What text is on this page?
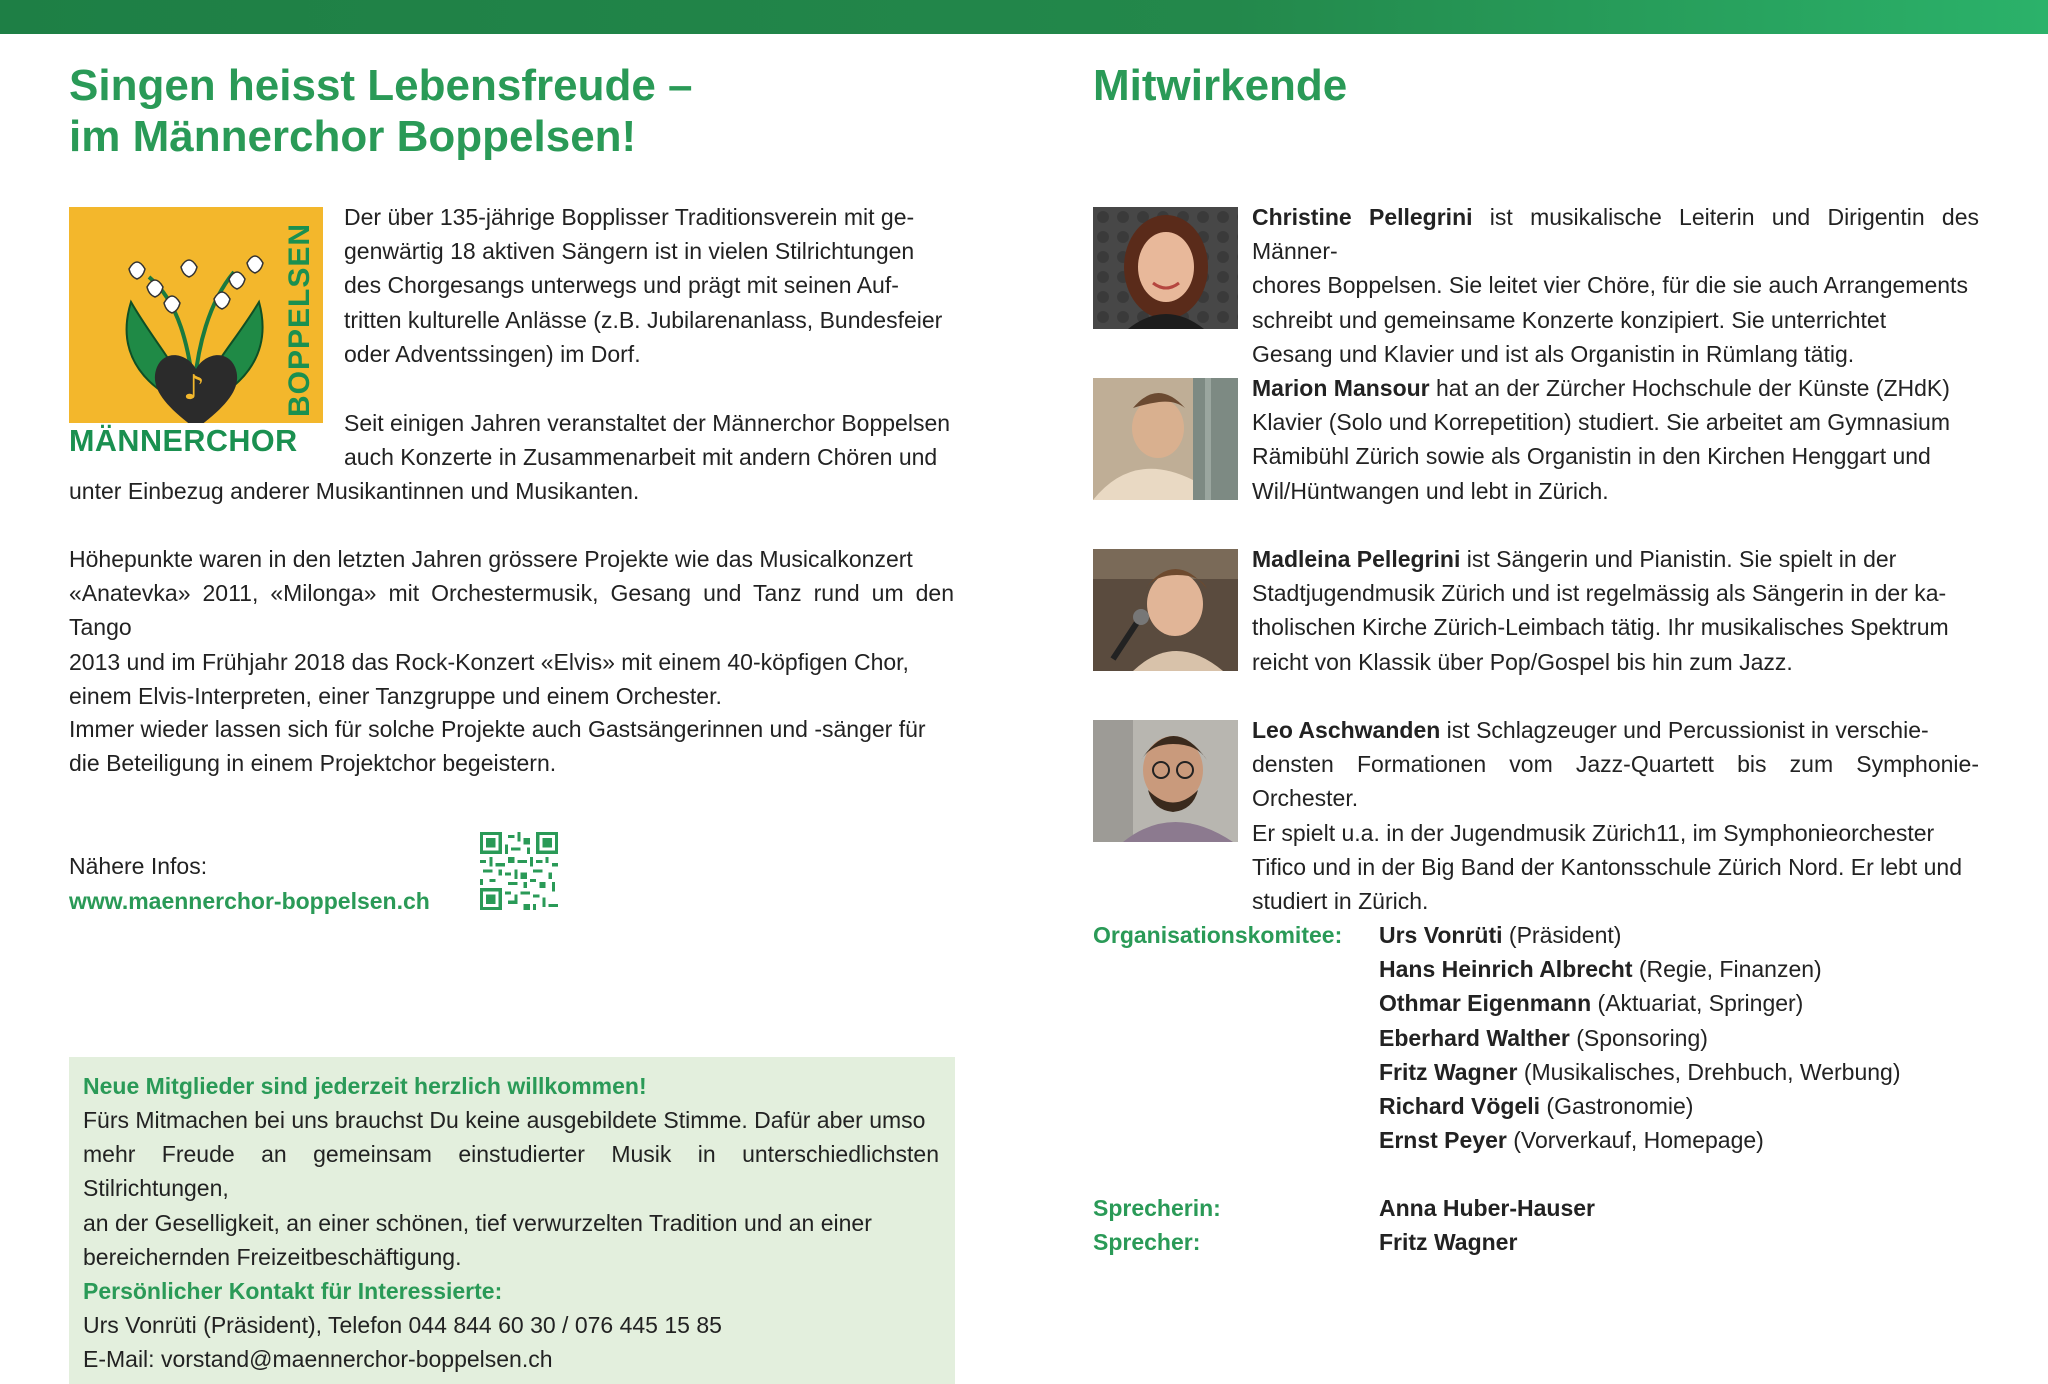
Singen heisst Lebensfreude –
im Männerchor Boppelsen!
♪
MÄNNERCHOR
BOPPELSEN
Der über 135-jährige Bopplisser Traditionsverein mit ge-
genwärtig 18 aktiven Sängern ist in vielen Stilrichtungen
des Chorgesangs unterwegs und prägt mit seinen Auf-
tritten kulturelle Anlässe (z.B. Jubilarenanlass, Bundesfeier
oder Adventssingen) im Dorf.
Seit einigen Jahren veranstaltet der Männerchor Boppelsen
auch Konzerte in Zusammenarbeit mit andern Chören und
unter Einbezug anderer Musikantinnen und Musikanten.
Höhepunkte waren in den letzten Jahren grössere Projekte wie das Musicalkonzert
«Anatevka» 2011, «Milonga» mit Orchestermusik, Gesang und Tanz rund um den Tango
2013 und im Frühjahr 2018 das Rock-Konzert «Elvis» mit einem 40-köpfigen Chor,
einem Elvis-Interpreten, einer Tanzgruppe und einem Orchester.
Immer wieder lassen sich für solche Projekte auch Gastsängerinnen und -sänger für
die Beteiligung in einem Projektchor begeistern.
Nähere Infos:
www.maennerchor-boppelsen.ch
Neue Mitglieder sind jederzeit herzlich willkommen!
Fürs Mitmachen bei uns brauchst Du keine ausgebildete Stimme. Dafür aber umso
mehr Freude an gemeinsam einstudierter Musik in unterschiedlichsten Stilrichtungen,
an der Geselligkeit, an einer schönen, tief verwurzelten Tradition und an einer
bereichernden Freizeitbeschäftigung.
Persönlicher Kontakt für Interessierte:
Urs Vonrüti (Präsident), Telefon 044 844 60 30 / 076 445 15 85
E-Mail: vorstand@maennerchor-boppelsen.ch
Mitwirkende
Christine Pellegrini ist musikalische Leiterin und Dirigentin des Männer-
chores Boppelsen. Sie leitet vier Chöre, für die sie auch Arrangements
schreibt und gemeinsame Konzerte konzipiert. Sie unterrichtet
Gesang und Klavier und ist als Organistin in Rümlang tätig.
Marion Mansour hat an der Zürcher Hochschule der Künste (ZHdK)
Klavier (Solo und Korrepetition) studiert. Sie arbeitet am Gymnasium
Rämibühl Zürich sowie als Organistin in den Kirchen Henggart und
Wil/Hüntwangen und lebt in Zürich.
Madleina Pellegrini ist Sängerin und Pianistin. Sie spielt in der
Stadtjugendmusik Zürich und ist regelmässig als Sängerin in der ka-
tholischen Kirche Zürich-Leimbach tätig. Ihr musikalisches Spektrum
reicht von Klassik über Pop/Gospel bis hin zum Jazz.
Leo Aschwanden ist Schlagzeuger und Percussionist in verschie-
densten Formationen vom Jazz-Quartett bis zum Symphonie-Orchester.
Er spielt u.a. in der Jugendmusik Zürich11, im Symphonieorchester
Tifico und in der Big Band der Kantonsschule Zürich Nord. Er lebt und
studiert in Zürich.
Organisationskomitee: Urs Vonrüti (Präsident)
Hans Heinrich Albrecht (Regie, Finanzen)
Othmar Eigenmann (Aktuariat, Springer)
Eberhard Walther (Sponsoring)
Fritz Wagner (Musikalisches, Drehbuch, Werbung)
Richard Vögeli (Gastronomie)
Ernst Peyer (Vorverkauf, Homepage)
Sprecherin:	Anna Huber-Hauser
Sprecher:	Fritz Wagner
